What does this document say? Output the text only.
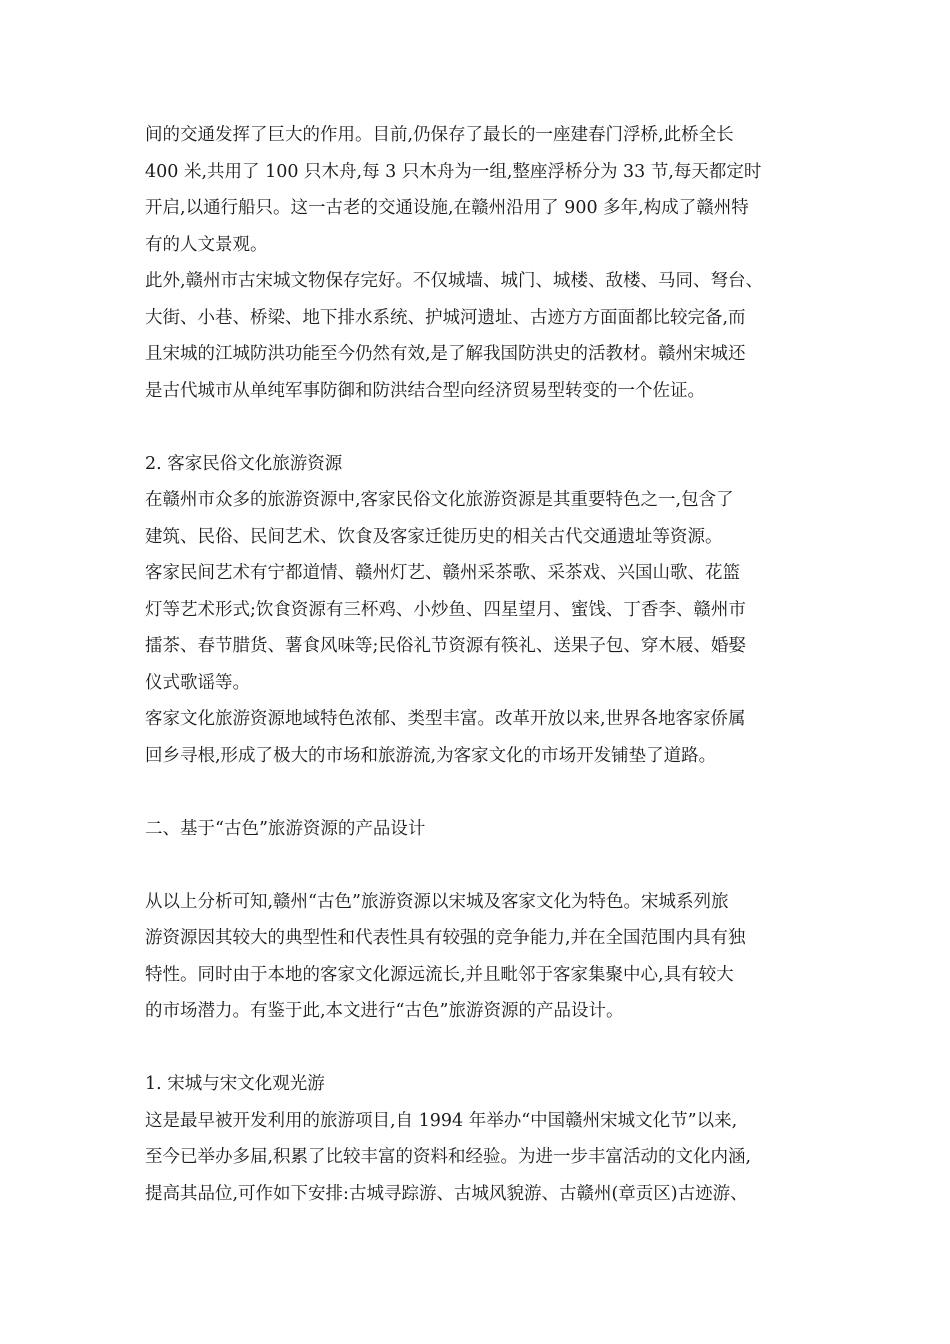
间的交通发挥了巨大的作用。目前,仍保存了最长的一座建春门浮桥,此桥全长
400 米,共用了 100 只木舟,每 3 只木舟为一组,整座浮桥分为 33 节,每天都定时
开启,以通行船只。这一古老的交通设施,在赣州沿用了 900 多年,构成了赣州特
有的人文景观。
此外,赣州市古宋城文物保存完好。不仅城墙、城门、城楼、敌楼、马同、弩台、
大街、小巷、桥梁、地下排水系统、护城河遗址、古迹方方面面都比较完备,而
且宋城的江城防洪功能至今仍然有效,是了解我国防洪史的活教材。赣州宋城还
是古代城市从单纯军事防御和防洪结合型向经济贸易型转变的一个佐证。
2. 客家民俗文化旅游资源
在赣州市众多的旅游资源中,客家民俗文化旅游资源是其重要特色之一,包含了
建筑、民俗、民间艺术、饮食及客家迁徙历史的相关古代交通遗址等资源。
客家民间艺术有宁都道情、赣州灯艺、赣州采茶歌、采茶戏、兴国山歌、花篮
灯等艺术形式;饮食资源有三杯鸡、小炒鱼、四星望月、蜜饯、丁香李、赣州市
擂茶、春节腊货、薯食风味等;民俗礼节资源有筷礼、送果子包、穿木屐、婚娶
仪式歌谣等。
客家文化旅游资源地域特色浓郁、类型丰富。改革开放以来,世界各地客家侨属
回乡寻根,形成了极大的市场和旅游流,为客家文化的市场开发铺垫了道路。
二、基于“古色”旅游资源的产品设计
从以上分析可知,赣州“古色”旅游资源以宋城及客家文化为特色。宋城系列旅
游资源因其较大的典型性和代表性具有较强的竞争能力,并在全国范围内具有独
特性。同时由于本地的客家文化源远流长,并且毗邻于客家集聚中心,具有较大
的市场潜力。有鉴于此,本文进行“古色”旅游资源的产品设计。
1. 宋城与宋文化观光游
这是最早被开发利用的旅游项目,自 1994 年举办“中国赣州宋城文化节”以来,
至今已举办多届,积累了比较丰富的资料和经验。为进一步丰富活动的文化内涵,
提高其品位,可作如下安排:古城寻踪游、古城风貌游、古赣州(章贡区)古迹游、
